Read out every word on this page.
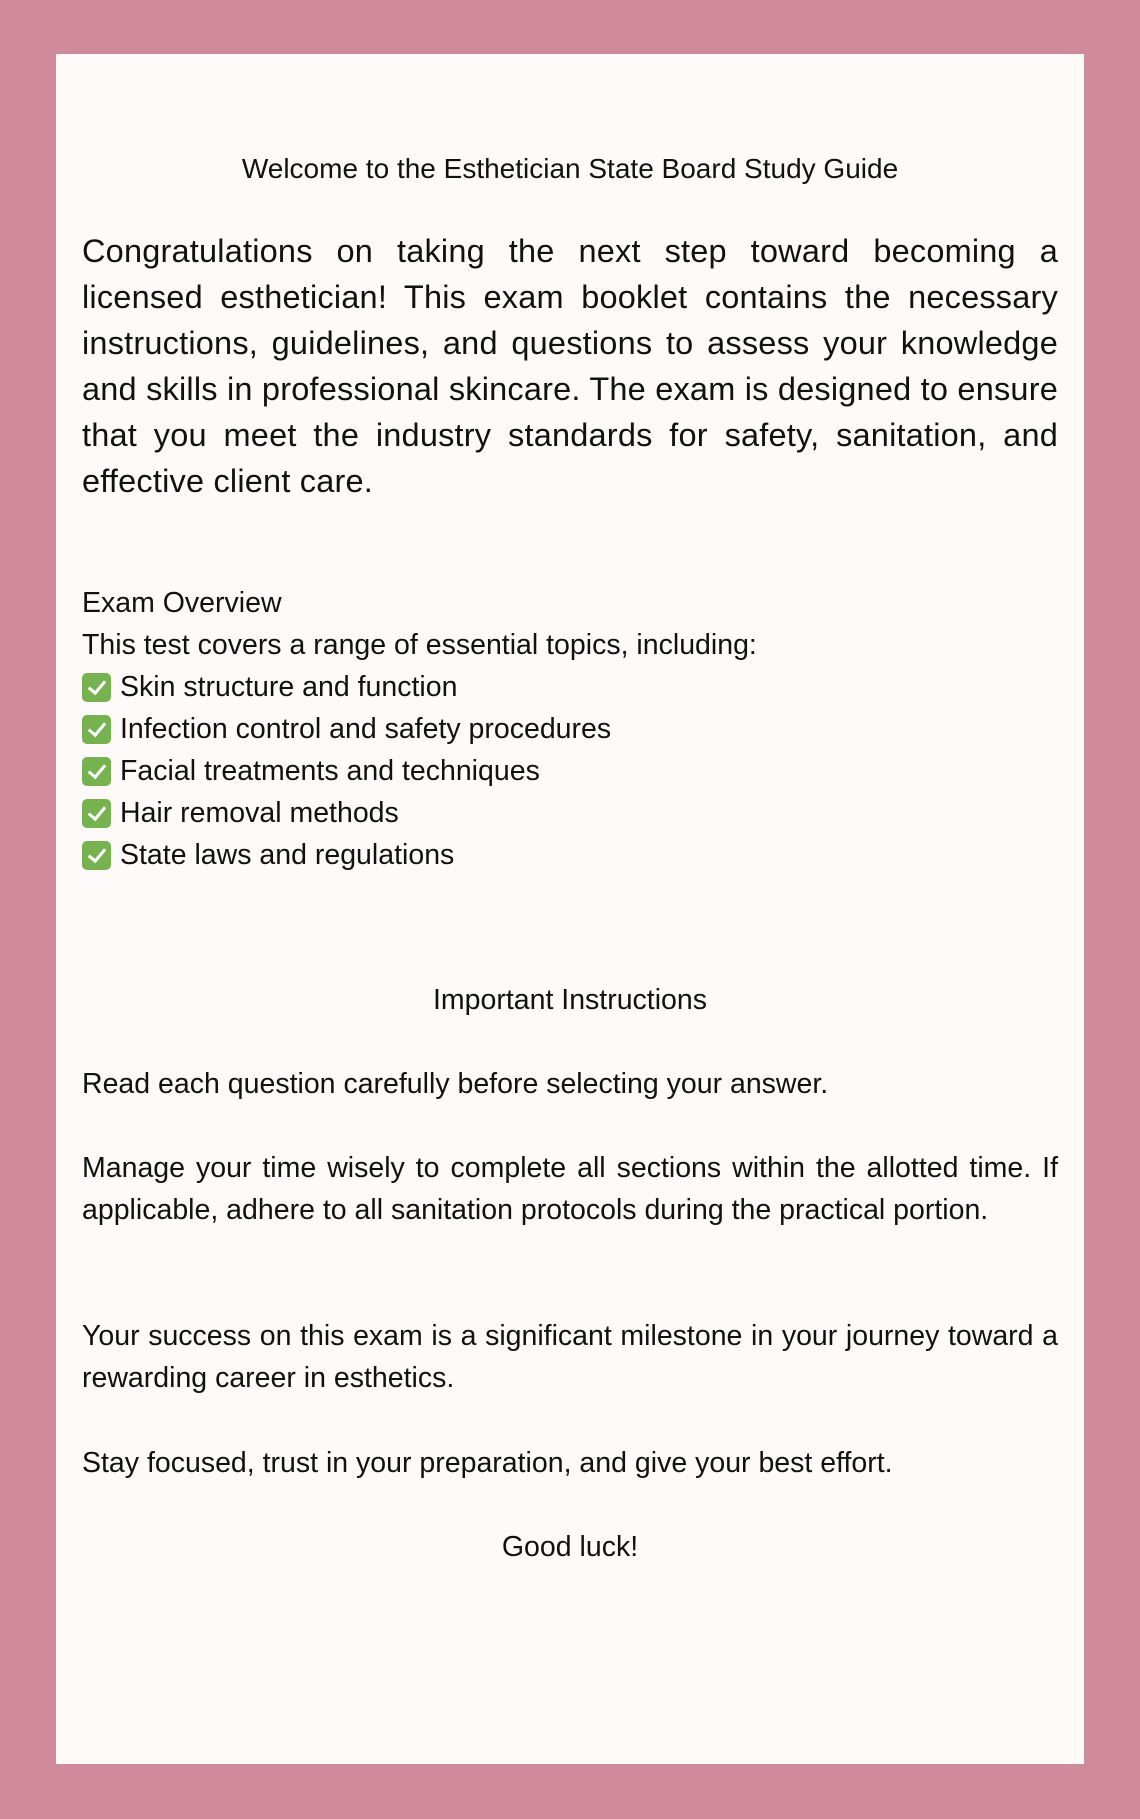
Welcome to the Esthetician State Board Study Guide

Congratulations on taking the next step toward becoming a licensed esthetician! This exam booklet contains the necessary instructions, guidelines, and questions to assess your knowledge and skills in professional skincare. The exam is designed to ensure that you meet the industry standards for safety, sanitation, and effective client care.

Exam Overview
This test covers a range of essential topics, including:
Skin structure and function
Infection control and safety procedures
Facial treatments and techniques
Hair removal methods
State laws and regulations
Important Instructions

Read each question carefully before selecting your answer.

Manage your time wisely to complete all sections within the allotted time. If applicable, adhere to all sanitation protocols during the practical portion.

Your success on this exam is a significant milestone in your journey toward a rewarding career in esthetics.

Stay focused, trust in your preparation, and give your best effort.

Good luck!
